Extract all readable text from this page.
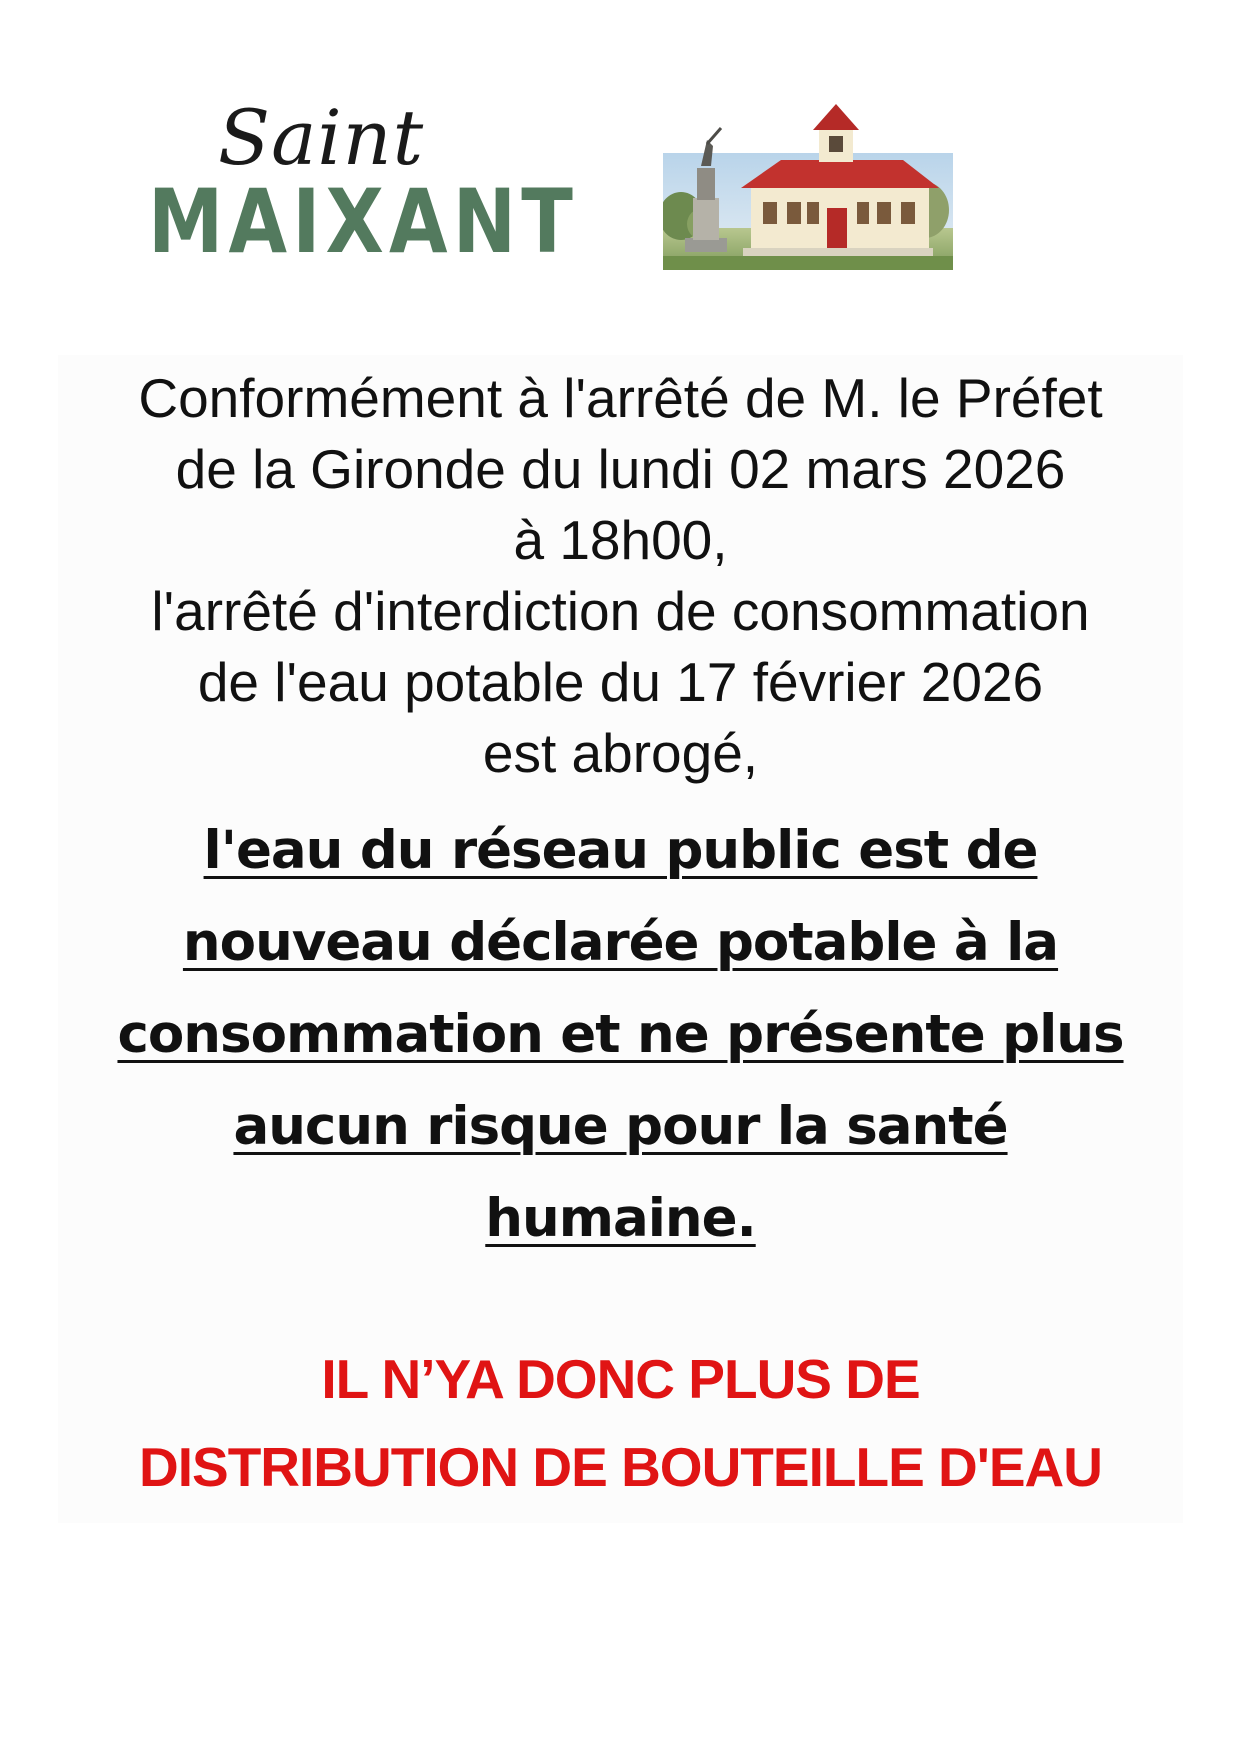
Saint
MAIXANT
Conformément à l'arrêté de M. le Préfet
de la Gironde du lundi 02 mars 2026
à 18h00,
l'arrêté d'interdiction de consommation
de l'eau potable du 17 février 2026
est abrogé,
l'eau du réseau public est de
nouveau déclarée potable à la
consommation et ne présente plus
aucun risque pour la santé
humaine.
IL N’YA DONC PLUS DE
DISTRIBUTION DE BOUTEILLE D'EAU
